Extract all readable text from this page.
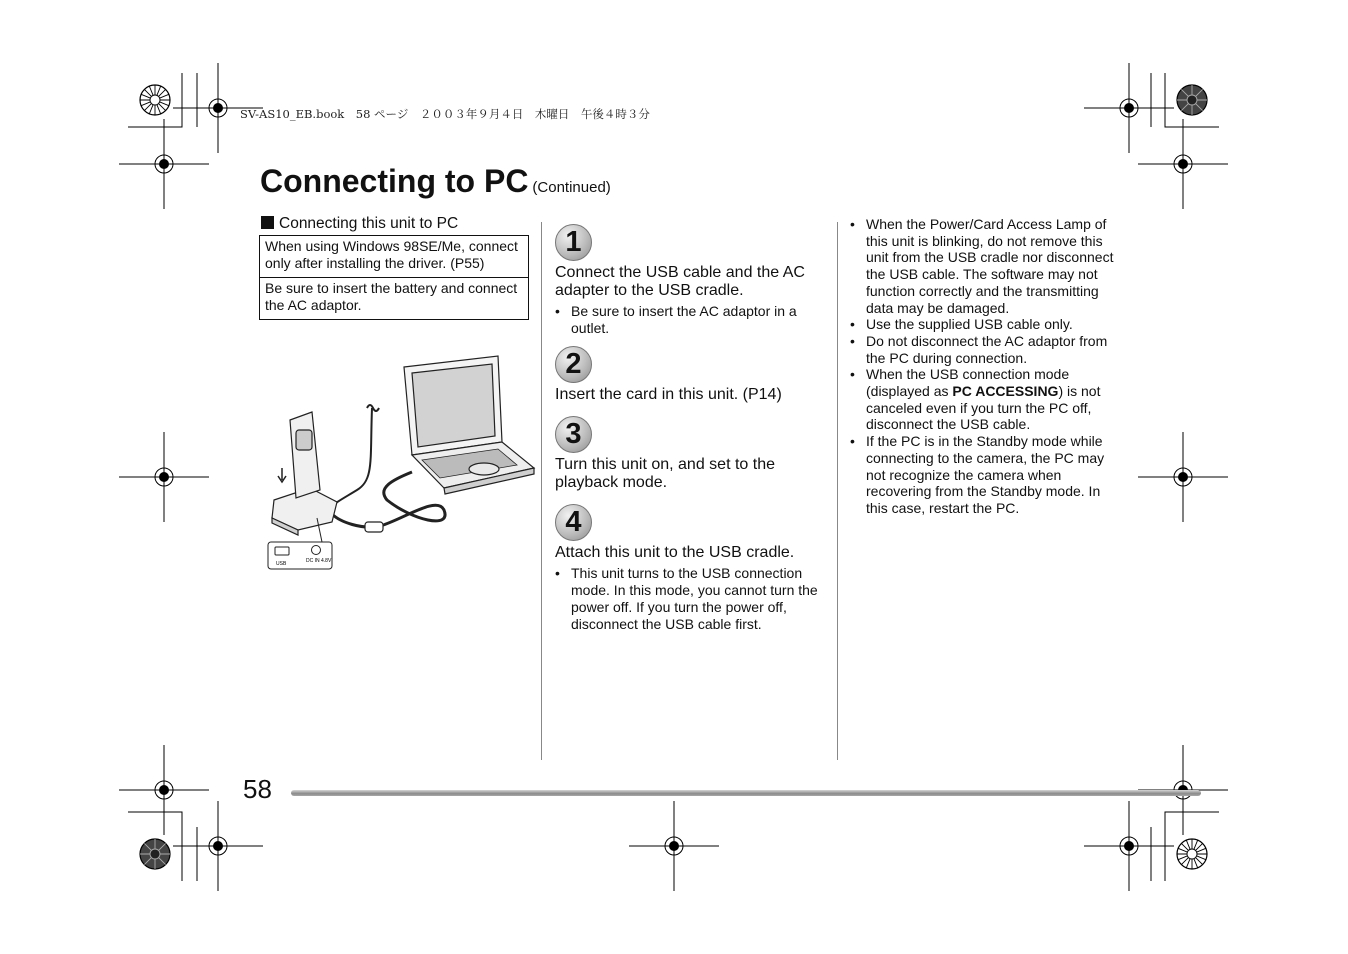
SV-AS10_EB.book　58 ページ　２００３年９月４日　木曜日　午後４時３分
Connecting to PC (Continued)
Connecting this unit to PC
When using Windows 98SE/Me, connect only after installing the driver. (P55)
Be sure to insert the battery and connect the AC adaptor.
USB	DC IN 4.8V
1
Connect the USB cable and the AC adapter to the USB cradle.
• Be sure to insert the AC adaptor in a outlet.
2
Insert the card in this unit. (P14)
3
Turn this unit on, and set to the playback mode.
4
Attach this unit to the USB cradle.
• This unit turns to the USB connection mode. In this mode, you cannot turn the power off. If you turn the power off, disconnect the USB cable first.
• When the Power/Card Access Lamp of this unit is blinking, do not remove this unit from the USB cradle nor disconnect the USB cable. The software may not function correctly and the transmitting data may be damaged.
• Use the supplied USB cable only.
• Do not disconnect the AC adaptor from the PC during connection.
• When the USB connection mode (displayed as PC ACCESSING) is not canceled even if you turn the PC off, disconnect the USB cable.
• If the PC is in the Standby mode while connecting to the camera, the PC may not recognize the camera when recovering from the Standby mode. In this case, restart the PC.
58
